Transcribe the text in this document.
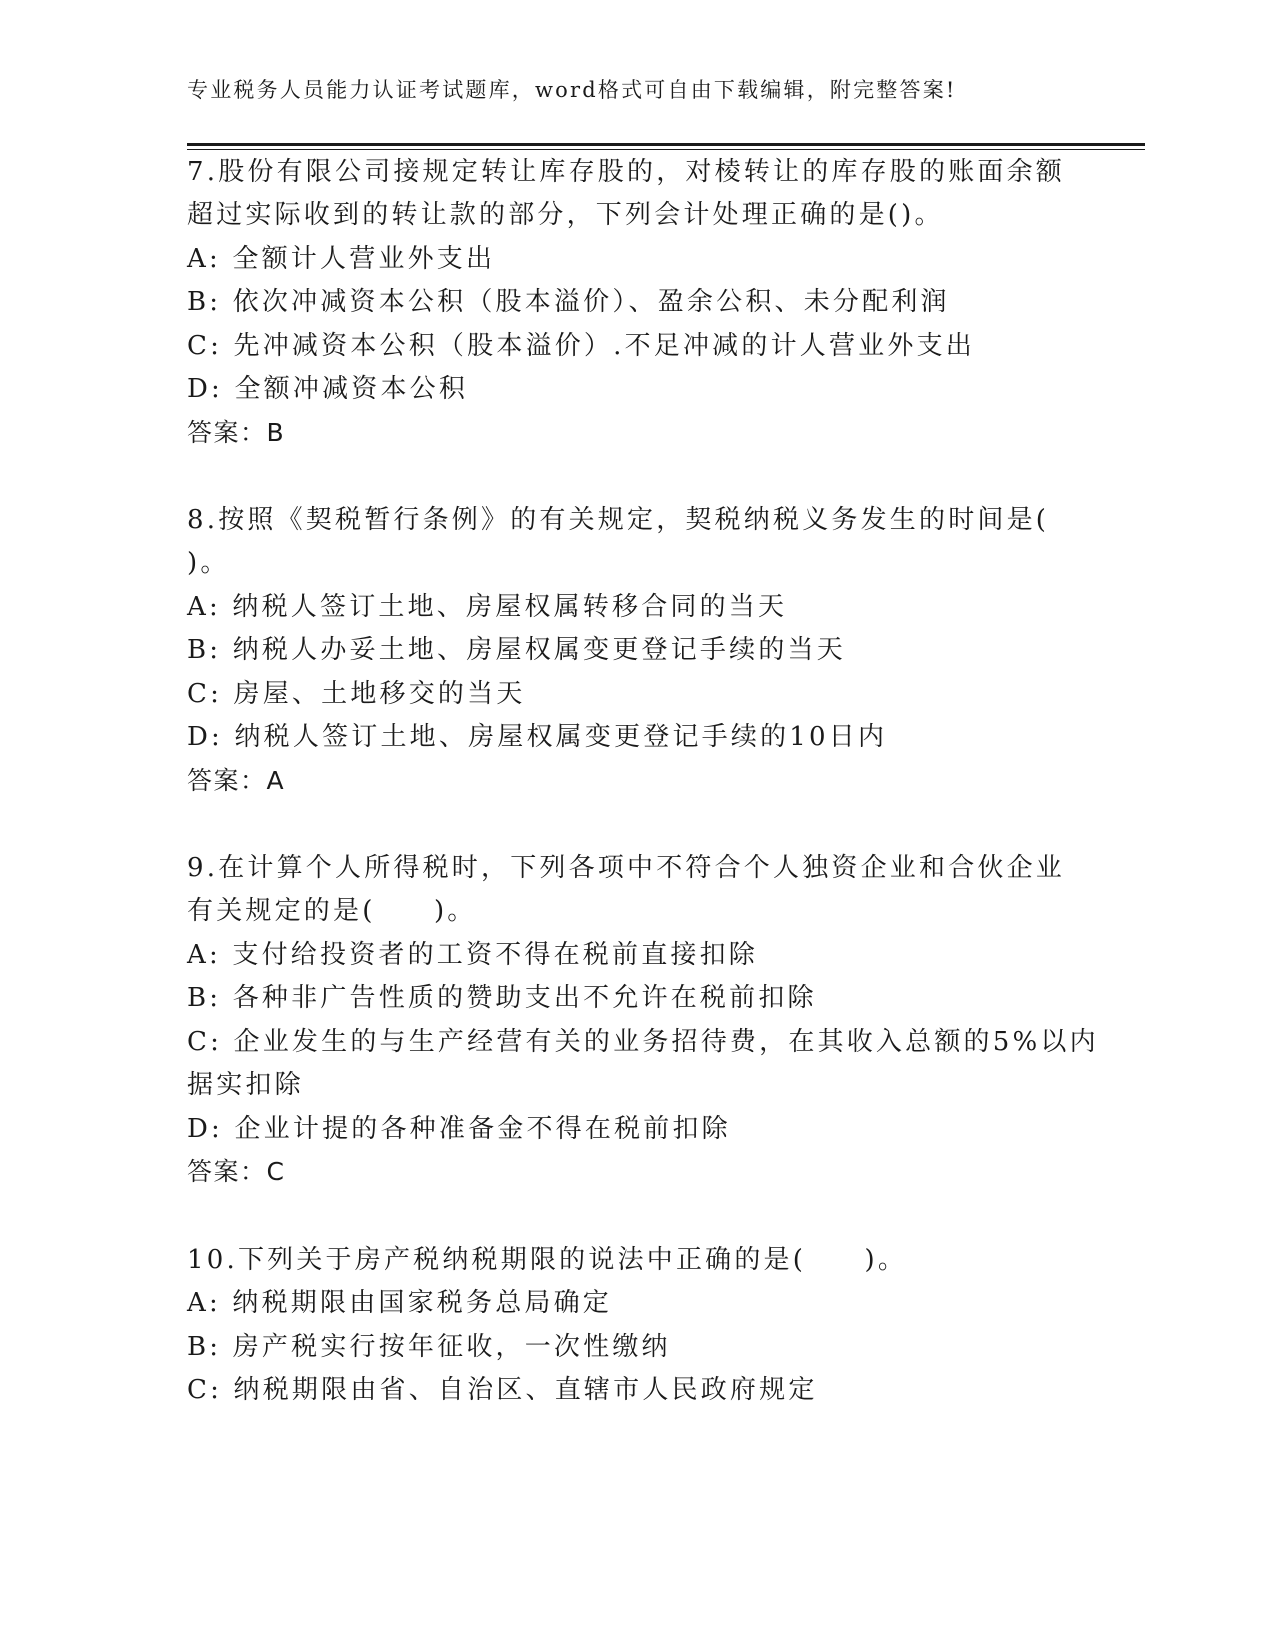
专业税务人员能力认证考试题库，word格式可自由下载编辑，附完整答案!
7.股份有限公司接规定转让库存股的，对棱转让的库存股的账面余额
超过实际收到的转让款的部分，下列会计处理正确的是()。
A: 全额计人营业外支出
B: 依次冲减资本公积（股本溢价）、盈余公积、未分配利润
C: 先冲减资本公积（股本溢价）.不足冲减的计人营业外支出
D: 全额冲减资本公积
答案：B
8.按照《契税暂行条例》的有关规定，契税纳税义务发生的时间是(
)。
A: 纳税人签订土地、房屋权属转移合同的当天
B: 纳税人办妥土地、房屋权属变更登记手续的当天
C: 房屋、土地移交的当天
D: 纳税人签订土地、房屋权属变更登记手续的10日内
答案：A
9.在计算个人所得税时，下列各项中不符合个人独资企业和合伙企业
有关规定的是(　　)。
A: 支付给投资者的工资不得在税前直接扣除
B: 各种非广告性质的赞助支出不允许在税前扣除
C: 企业发生的与生产经营有关的业务招待费，在其收入总额的5%以内
据实扣除
D: 企业计提的各种准备金不得在税前扣除
答案：C
10.下列关于房产税纳税期限的说法中正确的是(　　)。
A: 纳税期限由国家税务总局确定
B: 房产税实行按年征收，一次性缴纳
C: 纳税期限由省、自治区、直辖市人民政府规定
